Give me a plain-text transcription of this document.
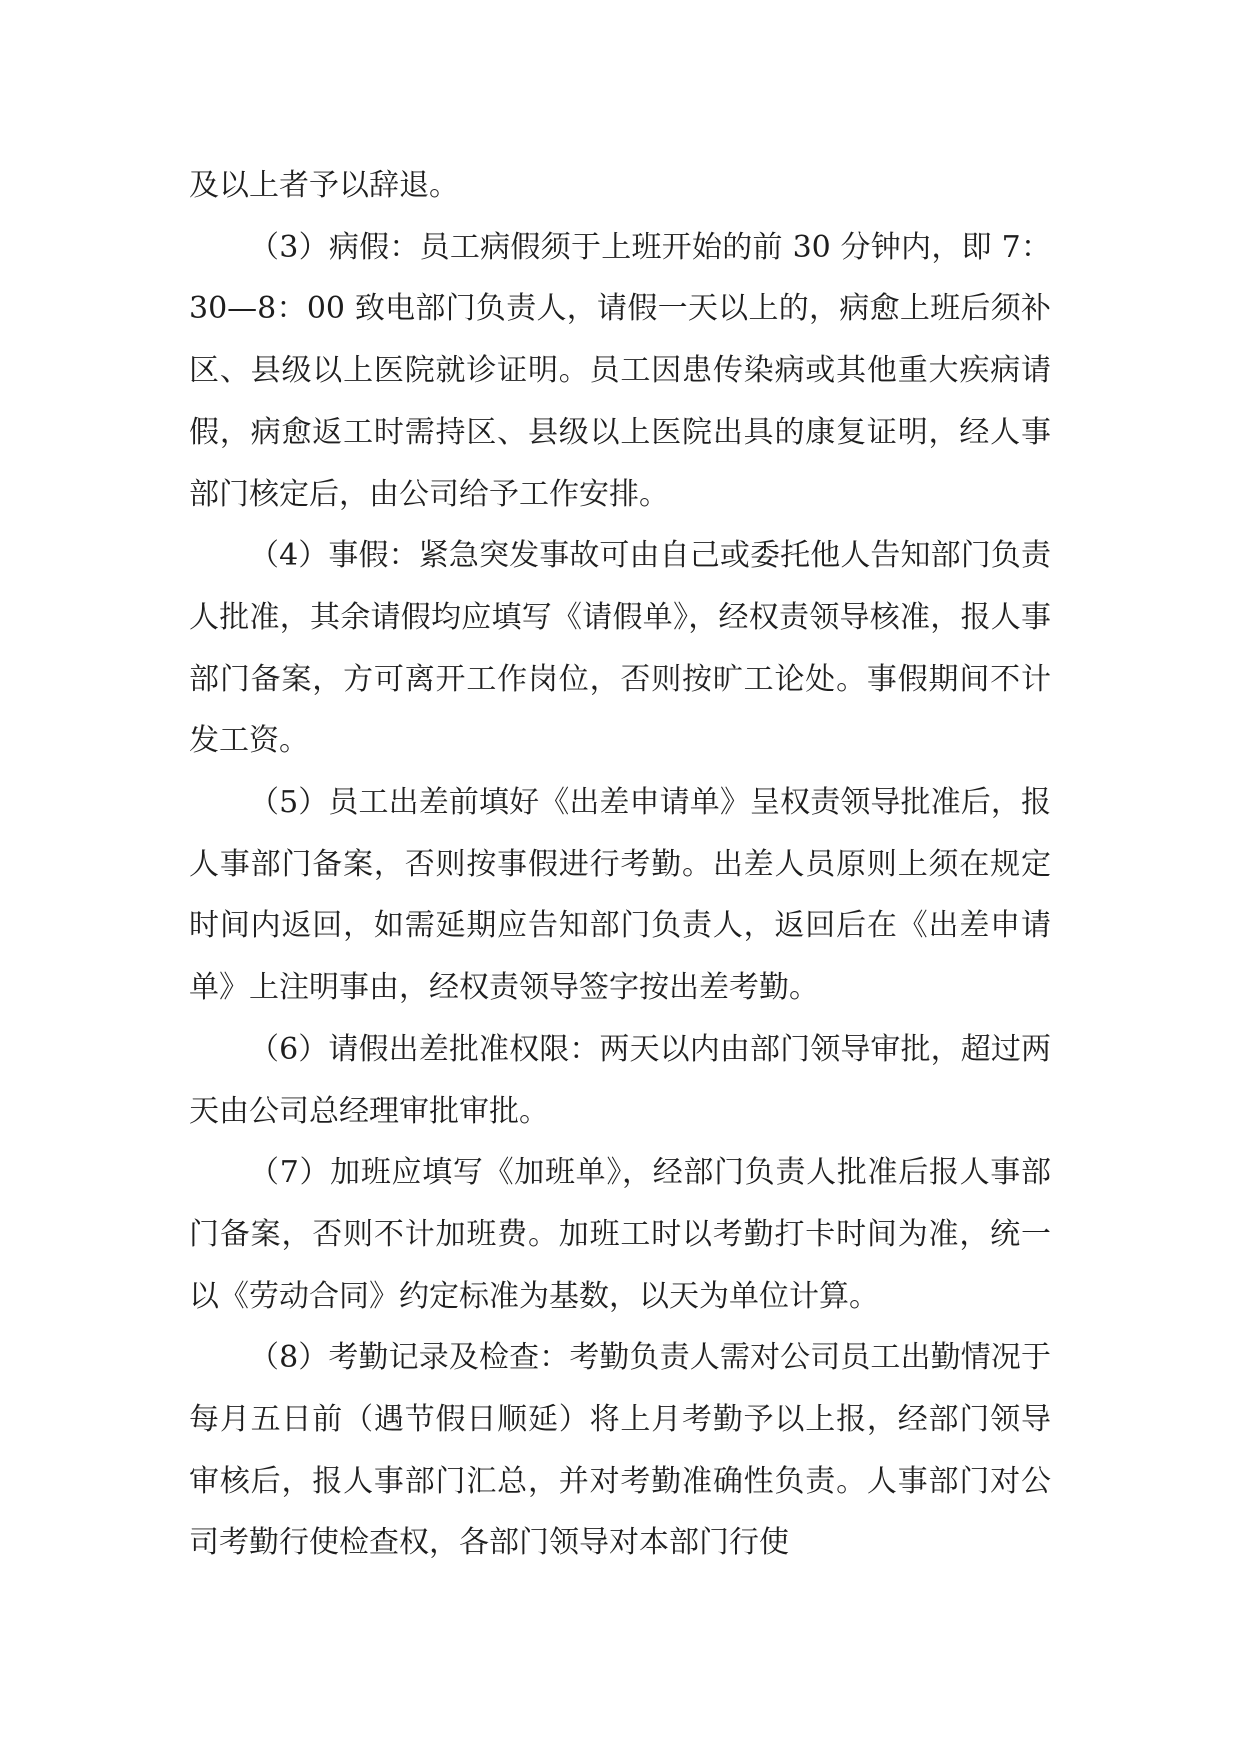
及以上者予以辞退。

（3）病假：员工病假须于上班开始的前 30 分钟内，即 7：30—8：00 致电部门负责人，请假一天以上的，病愈上班后须补区、县级以上医院就诊证明。员工因患传染病或其他重大疾病请假，病愈返工时需持区、县级以上医院出具的康复证明，经人事部门核定后，由公司给予工作安排。

（4）事假：紧急突发事故可由自己或委托他人告知部门负责人批准，其余请假均应填写《请假单》，经权责领导核准，报人事部门备案，方可离开工作岗位，否则按旷工论处。事假期间不计发工资。

（5）员工出差前填好《出差申请单》呈权责领导批准后，报人事部门备案，否则按事假进行考勤。出差人员原则上须在规定时间内返回，如需延期应告知部门负责人，返回后在《出差申请单》上注明事由，经权责领导签字按出差考勤。

（6）请假出差批准权限：两天以内由部门领导审批，超过两天由公司总经理审批审批。

（7）加班应填写《加班单》，经部门负责人批准后报人事部门备案，否则不计加班费。加班工时以考勤打卡时间为准，统一以《劳动合同》约定标准为基数，以天为单位计算。

（8）考勤记录及检查：考勤负责人需对公司员工出勤情况于每月五日前（遇节假日顺延）将上月考勤予以上报，经部门领导审核后，报人事部门汇总，并对考勤准确性负责。人事部门对公司考勤行使检查权，各部门领导对本部门行使
